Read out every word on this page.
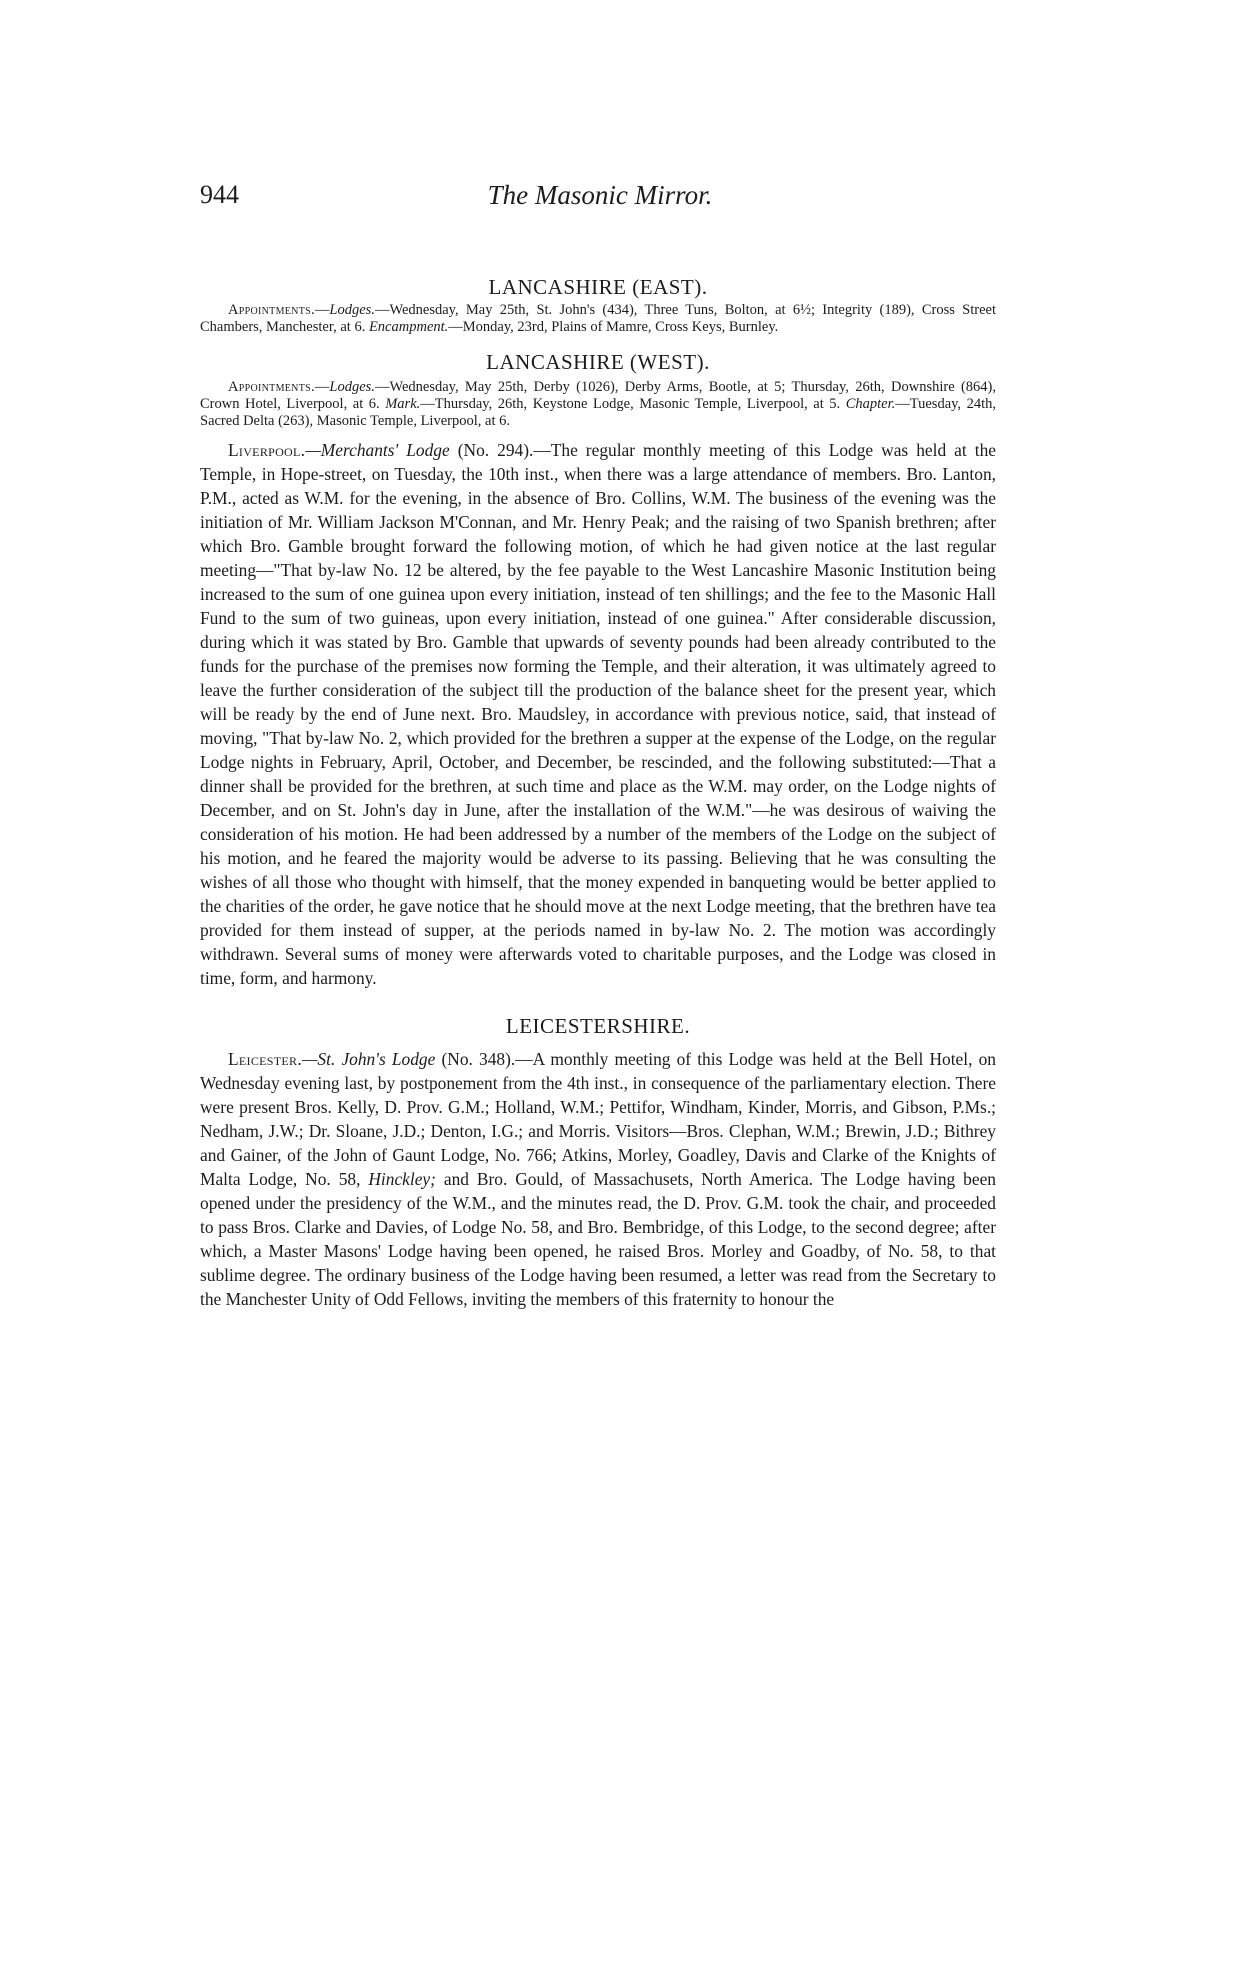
944	The Masonic Mirror.
LANCASHIRE (EAST).

Appointments.—Lodges.—Wednesday, May 25th, St. John's (434), Three Tuns, Bolton, at 6½; Integrity (189), Cross Street Chambers, Manchester, at 6. Encampment.—Monday, 23rd, Plains of Mamre, Cross Keys, Burnley.

LANCASHIRE (WEST).

Appointments.—Lodges.—Wednesday, May 25th, Derby (1026), Derby Arms, Bootle, at 5; Thursday, 26th, Downshire (864), Crown Hotel, Liverpool, at 6. Mark.—Thursday, 26th, Keystone Lodge, Masonic Temple, Liverpool, at 5. Chapter.—Tuesday, 24th, Sacred Delta (263), Masonic Temple, Liverpool, at 6.

Liverpool.—Merchants' Lodge (No. 294).—The regular monthly meeting of this Lodge was held at the Temple, in Hope-street, on Tuesday, the 10th inst., when there was a large attendance of members. Bro. Lanton, P.M., acted as W.M. for the evening, in the absence of Bro. Collins, W.M. The business of the evening was the initiation of Mr. William Jackson M'Connan, and Mr. Henry Peak; and the raising of two Spanish brethren; after which Bro. Gamble brought forward the following motion, of which he had given notice at the last regular meeting—"That by-law No. 12 be altered, by the fee payable to the West Lancashire Masonic Institution being increased to the sum of one guinea upon every initiation, instead of ten shillings; and the fee to the Masonic Hall Fund to the sum of two guineas, upon every initiation, instead of one guinea." After considerable discussion, during which it was stated by Bro. Gamble that upwards of seventy pounds had been already contributed to the funds for the purchase of the premises now forming the Temple, and their alteration, it was ultimately agreed to leave the further consideration of the subject till the production of the balance sheet for the present year, which will be ready by the end of June next. Bro. Maudsley, in accordance with previous notice, said, that instead of moving, "That by-law No. 2, which provided for the brethren a supper at the expense of the Lodge, on the regular Lodge nights in February, April, October, and December, be rescinded, and the following substituted:—That a dinner shall be provided for the brethren, at such time and place as the W.M. may order, on the Lodge nights of December, and on St. John's day in June, after the installation of the W.M."—he was desirous of waiving the consideration of his motion. He had been addressed by a number of the members of the Lodge on the subject of his motion, and he feared the majority would be adverse to its passing. Believing that he was consulting the wishes of all those who thought with himself, that the money expended in banqueting would be better applied to the charities of the order, he gave notice that he should move at the next Lodge meeting, that the brethren have tea provided for them instead of supper, at the periods named in by-law No. 2. The motion was accordingly withdrawn. Several sums of money were afterwards voted to charitable purposes, and the Lodge was closed in time, form, and harmony.

LEICESTERSHIRE.

Leicester.—St. John's Lodge (No. 348).—A monthly meeting of this Lodge was held at the Bell Hotel, on Wednesday evening last, by postponement from the 4th inst., in consequence of the parliamentary election. There were present Bros. Kelly, D. Prov. G.M.; Holland, W.M.; Pettifor, Windham, Kinder, Morris, and Gibson, P.Ms.; Nedham, J.W.; Dr. Sloane, J.D.; Denton, I.G.; and Morris. Visitors—Bros. Clephan, W.M.; Brewin, J.D.; Bithrey and Gainer, of the John of Gaunt Lodge, No. 766; Atkins, Morley, Goadley, Davis and Clarke of the Knights of Malta Lodge, No. 58, Hinckley; and Bro. Gould, of Massachusets, North America. The Lodge having been opened under the presidency of the W.M., and the minutes read, the D. Prov. G.M. took the chair, and proceeded to pass Bros. Clarke and Davies, of Lodge No. 58, and Bro. Bembridge, of this Lodge, to the second degree; after which, a Master Masons' Lodge having been opened, he raised Bros. Morley and Goadby, of No. 58, to that sublime degree. The ordinary business of the Lodge having been resumed, a letter was read from the Secretary to the Manchester Unity of Odd Fellows, inviting the members of this fraternity to honour the
